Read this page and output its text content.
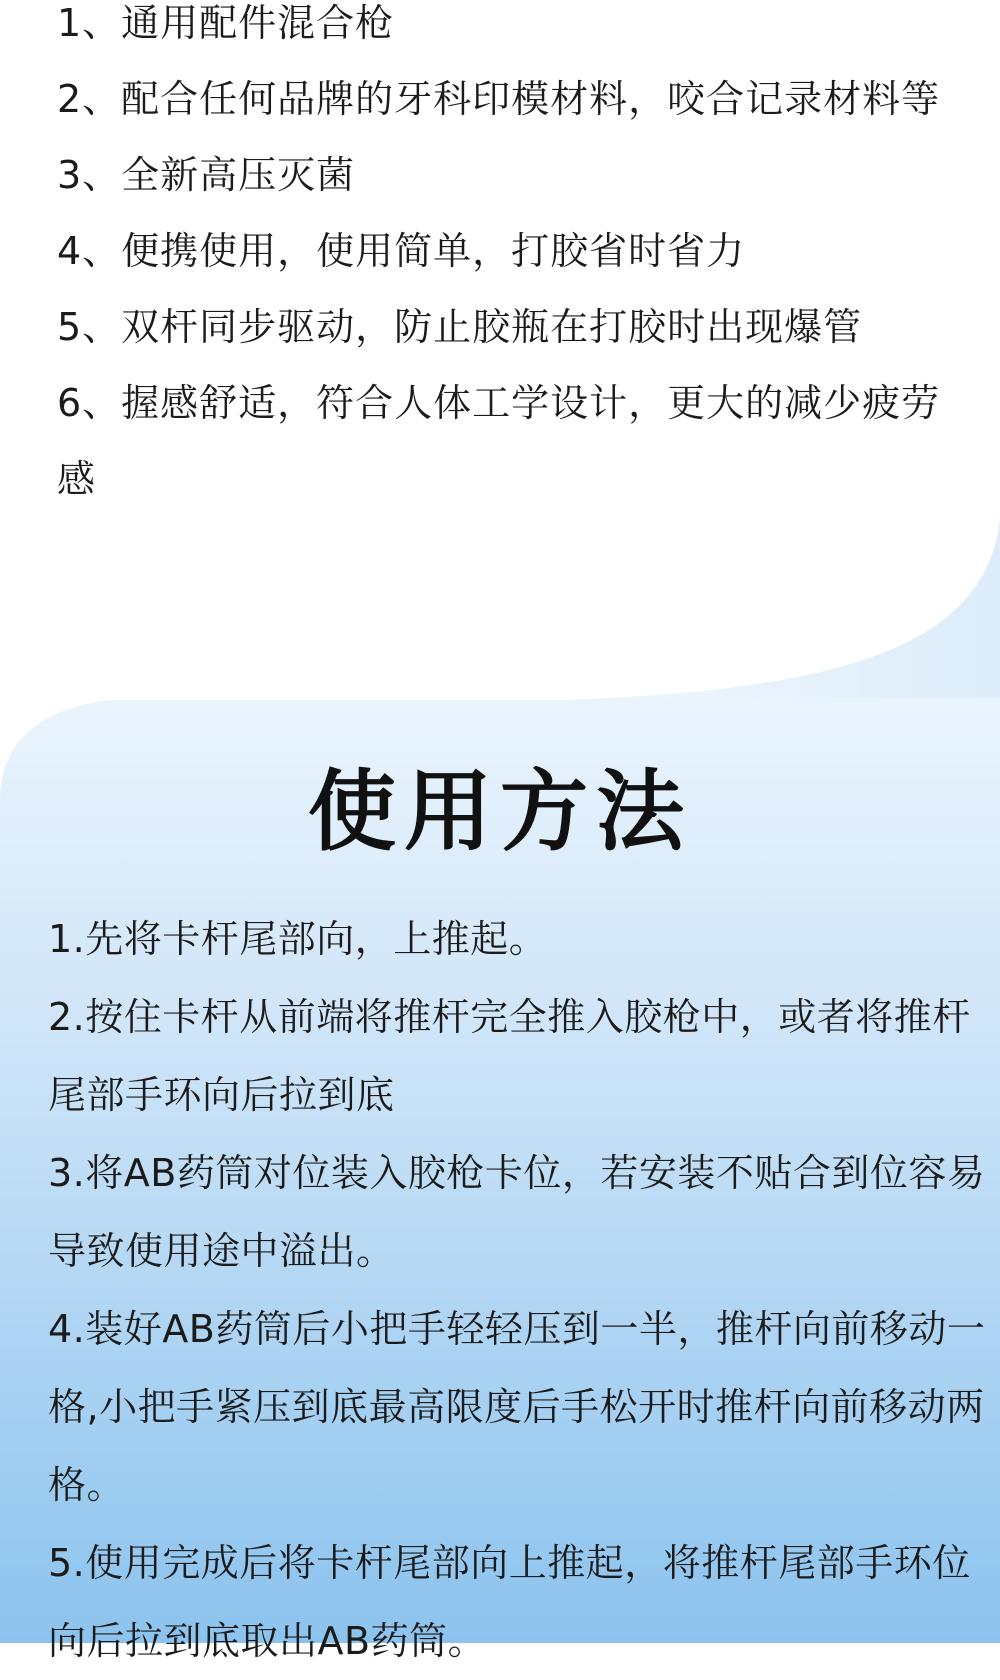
1、通用配件混合枪
2、配合任何品牌的牙科印模材料，咬合记录材料等
3、全新高压灭菌
4、便携使用，使用简单，打胶省时省力
5、双杆同步驱动，防止胶瓶在打胶时出现爆管
6、握感舒适，符合人体工学设计，更大的减少疲劳感
使用方法
1.先将卡杆尾部向，上推起。
2.按住卡杆从前端将推杆完全推入胶枪中，或者将推杆尾部手环向后拉到底
3.将AB药筒对位装入胶枪卡位，若安装不贴合到位容易导致使用途中溢出。
4.装好AB药筒后小把手轻轻压到一半，推杆向前移动一格,小把手紧压到底最高限度后手松开时推杆向前移动两格。
5.使用完成后将卡杆尾部向上推起，将推杆尾部手环位向后拉到底取出AB药筒。
